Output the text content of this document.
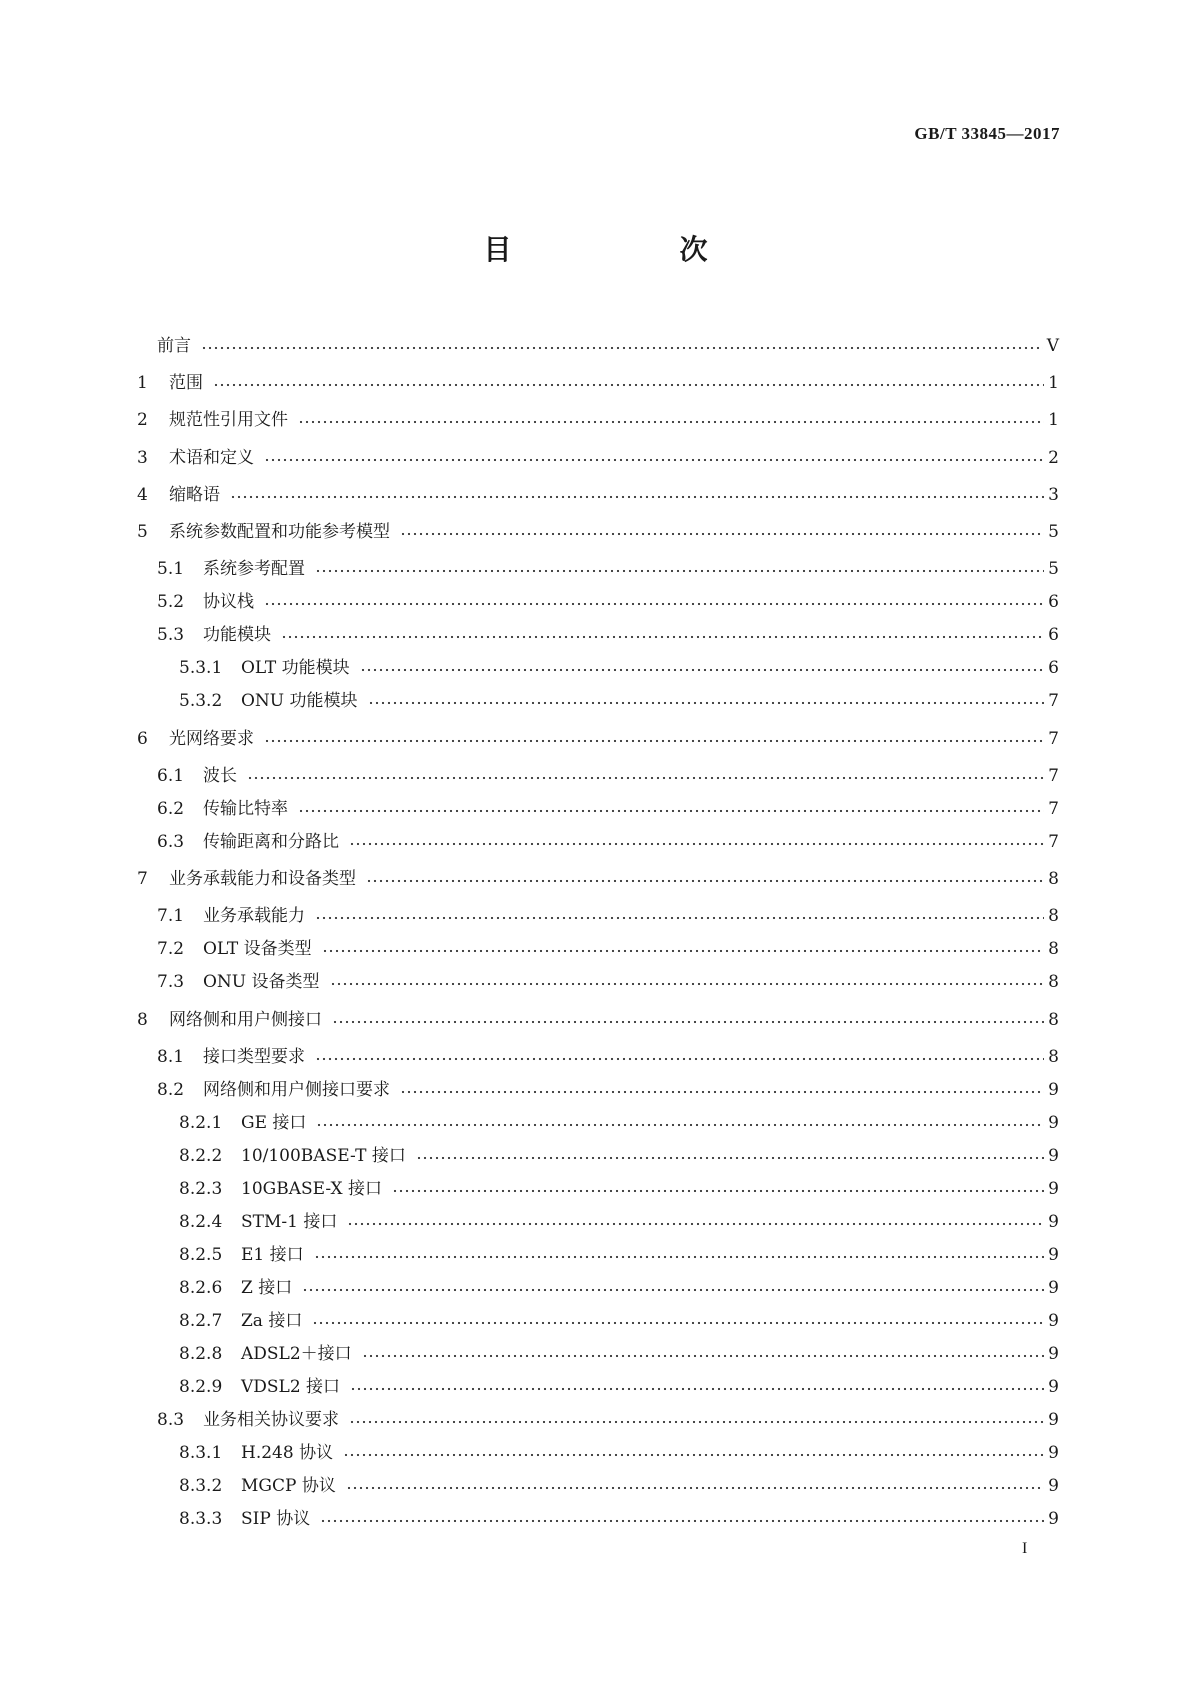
GB/T 33845—2017
目　次
前言	V
1	范围	1
2	规范性引用文件	1
3	术语和定义	2
4	缩略语	3
5	系统参数配置和功能参考模型	5
5.1	系统参考配置	5
5.2	协议栈	6
5.3	功能模块	6
5.3.1	OLT 功能模块	6
5.3.2	ONU 功能模块	7
6	光网络要求	7
6.1	波长	7
6.2	传输比特率	7
6.3	传输距离和分路比	7
7	业务承载能力和设备类型	8
7.1	业务承载能力	8
7.2	OLT 设备类型	8
7.3	ONU 设备类型	8
8	网络侧和用户侧接口	8
8.1	接口类型要求	8
8.2	网络侧和用户侧接口要求	9
8.2.1	GE 接口	9
8.2.2	10/100BASE-T 接口	9
8.2.3	10GBASE-X 接口	9
8.2.4	STM-1 接口	9
8.2.5	E1 接口	9
8.2.6	Z 接口	9
8.2.7	Za 接口	9
8.2.8	ADSL2＋接口	9
8.2.9	VDSL2 接口	9
8.3	业务相关协议要求	9
8.3.1	H.248 协议	9
8.3.2	MGCP 协议	9
8.3.3	SIP 协议	9
I
